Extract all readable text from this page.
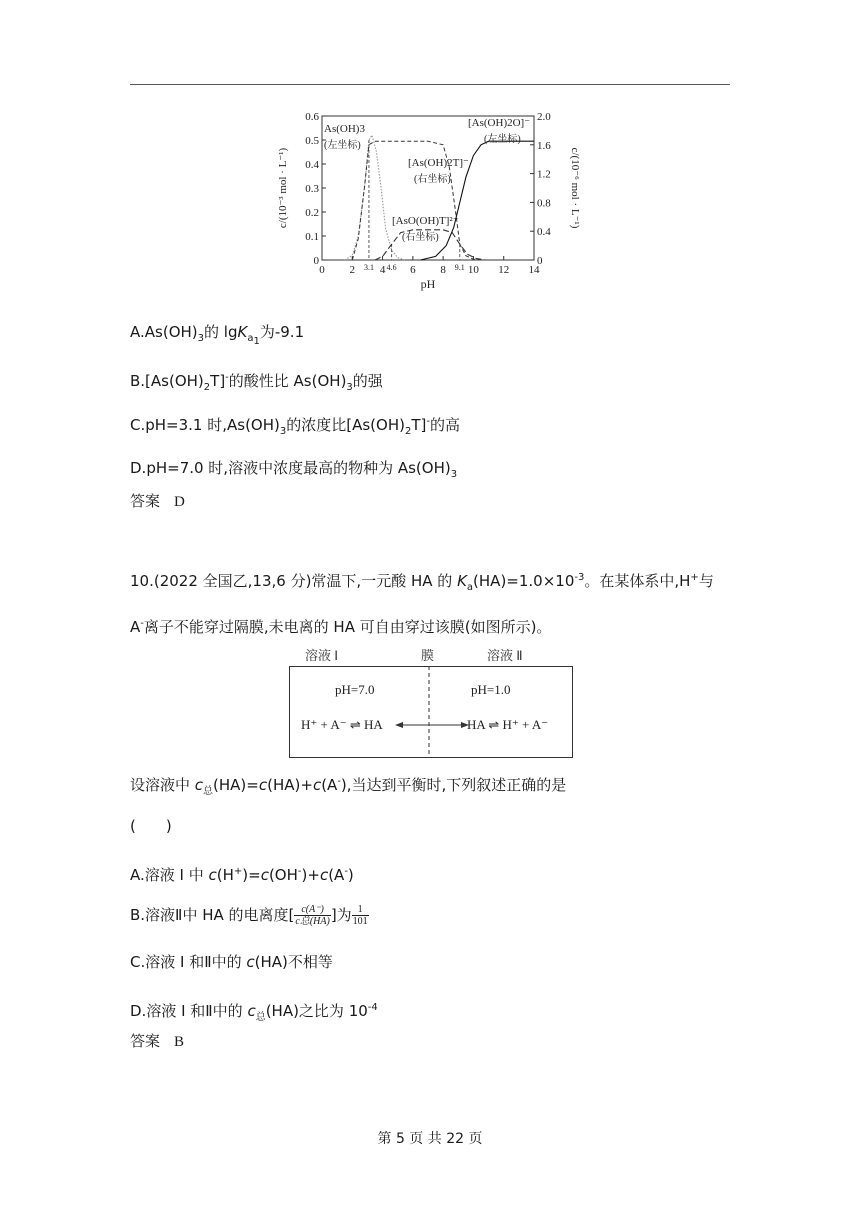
0 2 4 6 8 10 12 14
0
0.1
0.2
0.3
0.4
0.5
0.6
0
0.4
0.8
1.2
1.6
2.0
pH
c/(10⁻³ mol · L⁻¹)	c/(10⁻⁶ mol · L⁻¹)
3.1 4.6	9.1
As(OH)3
(左坐标)
[As(OH)2T]⁻
(右坐标)
[AsO(OH)T]²⁻
(右坐标)
[As(OH)2O]⁻
(左坐标)
$A.As(OH)_3$的 lgK$_{a_1}$为-9.1
$B.[As(OH)_2T]^-$的酸性比 $As(OH)_3$的强
C.pH=3.1 时$,As(OH)_3$的浓度比$[As(OH)_2T]^-$的高
D.pH=7.0 时,溶液中浓度最高的物种为 $As(OH)_3$
答案 D
10.(2022 全国乙,13,6 分)常温下,一元酸 HA 的 $K_a(HA)=1.0\times 10^{-3}$。在某体系中,H+与
A-离子不能穿过隔膜,未电离的 HA 可自由穿过该膜(如图所示)。
溶液 Ⅰ	膜	溶液 Ⅱ
pH=7.0	pH=1.0
H⁺ + A⁻ ⇌ HA	HA ⇌ H⁺ + A⁻
设溶液中 $c_总(HA)=c(HA)+c(A^-)$,当达到平衡时,下列叙述正确的是
(　　)
A.溶液 Ⅰ 中 c(H+)=c(OH-)+c(A-)
B.溶液Ⅱ中 HA 的电离度[ $\frac{c(A^-)}{\text{c总(HA)}}$ ]为 $\frac{1}{101}$
C.溶液 Ⅰ 和Ⅱ中的 c(HA)不相等
D.溶液 Ⅰ 和Ⅱ中的 $c_总(HA)$之比为 $10^{-4}$
答案 B
第 5 页 共 22 页
